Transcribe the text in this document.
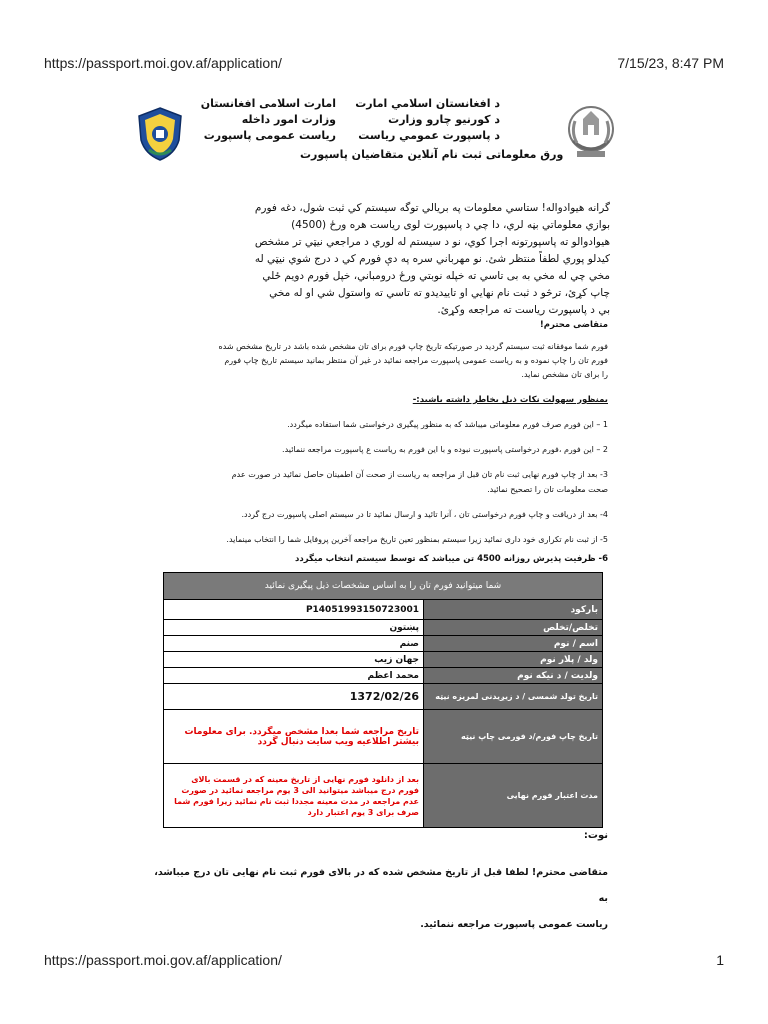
https://passport.moi.gov.af/application/	7/15/23, 8:47 PM
د افغانستان اسلامي امارت
د کورنیو چارو وزارت
د پاسپورت عمومي ریاست
امارت اسلامی افغانستان
وزارت امور داخله
ریاست عمومی پاسپورت
ورق معلوماتی ثبت نام آنلاین متقاضیان پاسپورت
گرانه هیوادواله! ستاسي معلومات په بریالي توگه سیستم کي ثبت شول، دغه فورم
بوازي معلوماتي بڼه لري، دا چي د پاسپورت لوی ریاست هره ورځ (4500)
هیوادوالو ته پاسپورتونه اجرا کوي، نو د سیستم له لوري د مراجعي نیټي تر مشخص
کیدلو پوري لطفاً منتظر شئ. نو مهرباني سره په دې فورم کي د درج شوي نیټي له
مخي چي له مخي به بی تاسي ته خپله نوبتي ورځ درومباني، خپل فورم دویم ځلي
چاپ کړئ، ترڅو د ثبت نام نهایي او تاییدیدو ته تاسي ته واستول شي او له مخي
بي د پاسپورت ریاست ته مراجعه وکړئ.
متقاضی محترم!
فورم شما موفقانه ثبت سیستم گردید در صورتیکه تاریخ چاپ فورم برای تان مشخص شده باشد در تاریخ مشخص شده
فورم تان را چاپ نموده و به ریاست عمومی پاسپورت مراجعه نمائید در غیر آن منتظر بمانید سیستم تاریخ چاپ فورم
را برای تان مشخص نماید.
بمنظور سهولت نکات ذیل بخاطر داشته باشید:-
1 – این فورم صرف فورم معلوماتی میباشد که به منظور پیگیری درخواستی شما استفاده میگردد.
2 – این فورم ،فورم درخواستی پاسپورت نبوده و با این فورم به ریاست ع پاسپورت مراجعه ننمائید.
3- بعد از چاپ فورم نهایی ثبت نام تان قبل از مراجعه به ریاست از صحت آن اطمینان حاصل نمائید در صورت عدم
صحت معلومات تان را تصحیح نمائید.
4- بعد از دریافت و چاپ فورم درخواستی تان ، آنرا تائید و ارسال نمائید تا در سیستم اصلی پاسپورت درج گردد.
5- از ثبت نام تکراری خود داری نمائید زیرا سیستم بمنظور تعین تاریخ مراجعه آخرین پروفایل شما را انتخاب مینماید.
6- ظرفیت پذیرش روزانه 4500 تن میباشد که توسط سیستم انتخاب میگردد
شما میتوانید فورم تان را به اساس مشخصات ذیل پیگیری نمائید	
P14051993150723001	بارکود
پښتون	تخلص/تخلص
صنم	اسم / نوم
جهان زیب	ولد / پلار نوم
محمد اعظم	ولدیت / د نیکه نوم
1372/02/26	تاریخ تولد شمسی / د زیږیدنی لمریزه نیټه
تاریخ مراجعه شما بعدا مشخص میگردد. برای معلومات بیشتر اطلاعیه ویب سایت دنبال گردد	تاریخ چاپ فورم/د فورمی چاپ نیټه
بعد از دانلود فورم نهایی از تاریخ معینه که در قسمت بالای فورم درج میباشد میتوانید الی 3 یوم مراجعه نمائید در صورت عدم مراجعه در مدت معینه مجددا ثبت نام نمائید زیرا فورم شما صرف برای 3 یوم اعتبار دارد	مدت اعتبار فورم نهایی
نوت:
متقاضی محترم! لطفا قبل از تاریخ مشخص شده که در بالای فورم ثبت نام نهایی تان درج میباشد، به
ریاست عمومی پاسپورت مراجعه ننمائید.
https://passport.moi.gov.af/application/	1
